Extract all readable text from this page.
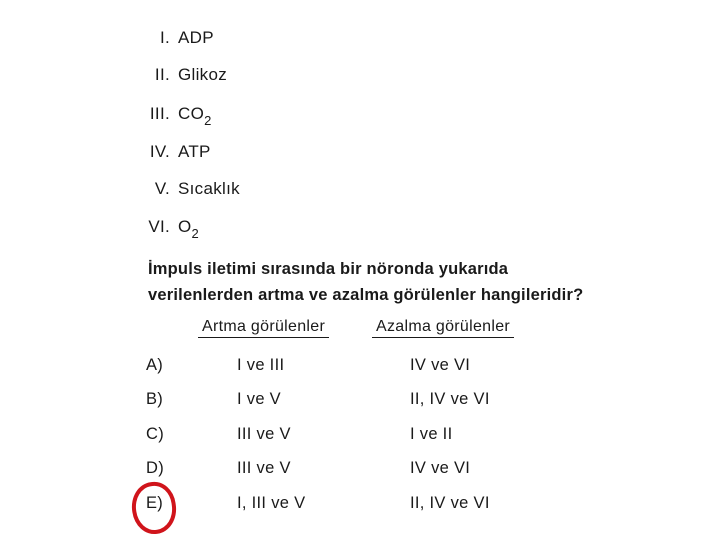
I. ADP
II. Glikoz
III. $CO_2$
IV. ATP
V. Sıcaklık
VI. $O_2$
İmpuls iletimi sırasında bir nöronda yukarıda verilenlerden artma ve azalma görülenler hangileridir?
Artma görülenler	Azalma görülenler
A)	I ve III	IV ve VI
B)	I ve V	II, IV ve VI
C)	III ve V	I ve II
D)	III ve V	IV ve VI
E)	I, III ve V	II, IV ve VI
